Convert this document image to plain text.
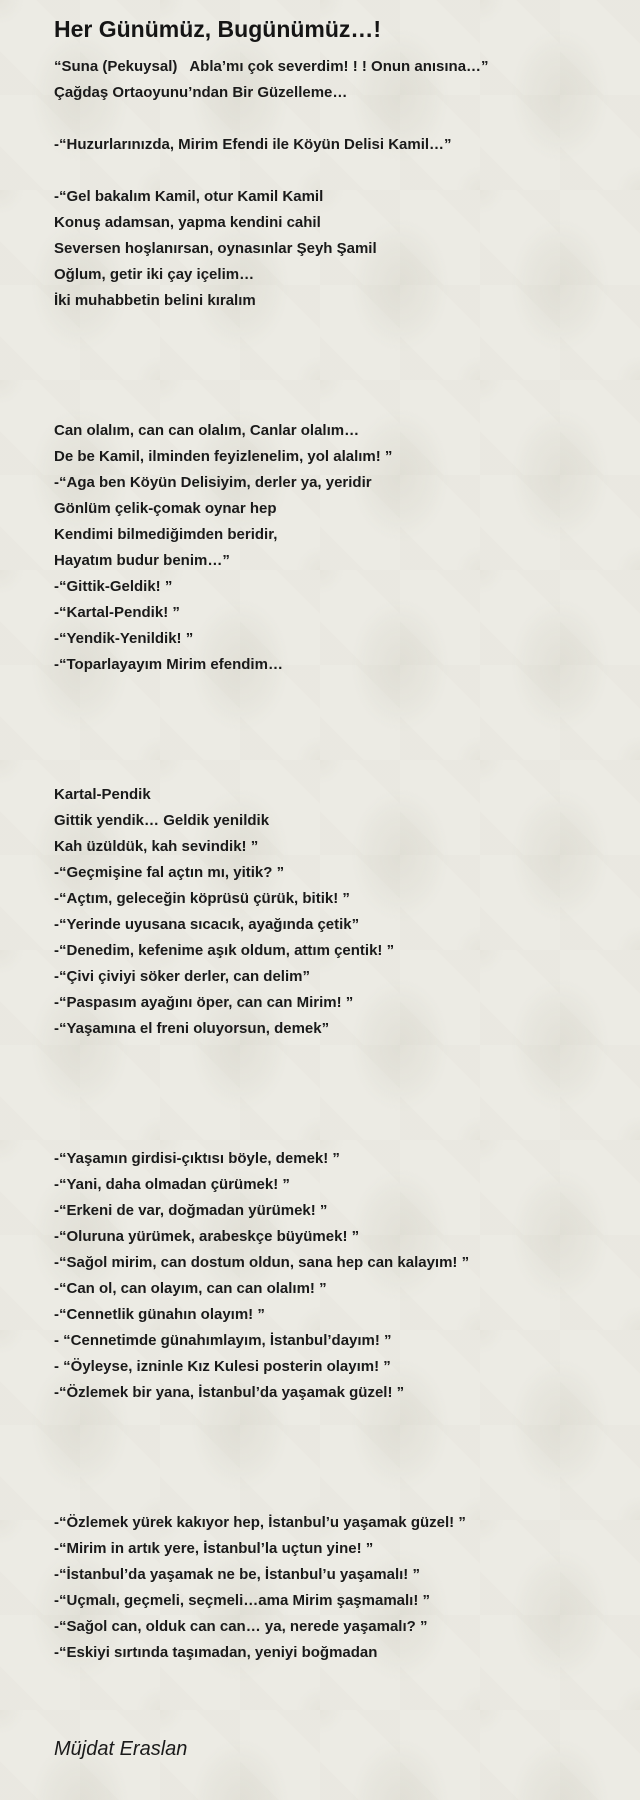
Her Günümüz, Bugünümüz…!
“Suna (Pekuysal)   Abla’mı çok severdim! ! ! Onun anısına…”
Çağdaş Ortaoyunu’ndan Bir Güzelleme…
-“Huzurlarınızda, Mirim Efendi ile Köyün Delisi Kamil…”
-“Gel bakalım Kamil, otur Kamil Kamil
Konuş adamsan, yapma kendini cahil
Seversen hoşlanırsan, oynasınlar Şeyh Şamil
Oğlum, getir iki çay içelim…
İki muhabbetin belini kıralım
Can olalım, can can olalım, Canlar olalım…
De be Kamil, ilminden feyizlenelim, yol alalım! ”
-“Aga ben Köyün Delisiyim, derler ya, yeridir
Gönlüm çelik-çomak oynar hep
Kendimi bilmediğimden beridir,
Hayatım budur benim…”
-“Gittik-Geldik! ”
-“Kartal-Pendik! ”
-“Yendik-Yenildik! ”
-“Toparlayayım Mirim efendim…
Kartal-Pendik
Gittik yendik… Geldik yenildik
Kah üzüldük, kah sevindik! ”
-“Geçmişine fal açtın mı, yitik? ”
-“Açtım, geleceğin köprüsü çürük, bitik! ”
-“Yerinde uyusana sıcacık, ayağında çetik”
-“Denedim, kefenime aşık oldum, attım çentik! ”
-“Çivi çiviyi söker derler, can delim”
-“Paspasım ayağını öper, can can Mirim! ”
-“Yaşamına el freni oluyorsun, demek”
-“Yaşamın girdisi-çıktısı böyle, demek! ”
-“Yani, daha olmadan çürümek! ”
-“Erkeni de var, doğmadan yürümek! ”
-“Oluruna yürümek, arabeskçe büyümek! ”
-“Sağol mirim, can dostum oldun, sana hep can kalayım! ”
-“Can ol, can olayım, can can olalım! ”
-“Cennetlik günahın olayım! ”
- “Cennetimde günahımlayım, İstanbul’dayım! ”
- “Öyleyse, izninle Kız Kulesi posterin olayım! ”
-“Özlemek bir yana, İstanbul’da yaşamak güzel! ”
-“Özlemek yürek kakıyor hep, İstanbul’u yaşamak güzel! ”
-“Mirim in artık yere, İstanbul’la uçtun yine! ”
-“İstanbul’da yaşamak ne be, İstanbul’u yaşamalı! ”
-“Uçmalı, geçmeli, seçmeli…ama Mirim şaşmamalı! ”
-“Sağol can, olduk can can… ya, nerede yaşamalı? ”
-“Eskiyi sırtında taşımadan, yeniyi boğmadan
Müjdat Eraslan
